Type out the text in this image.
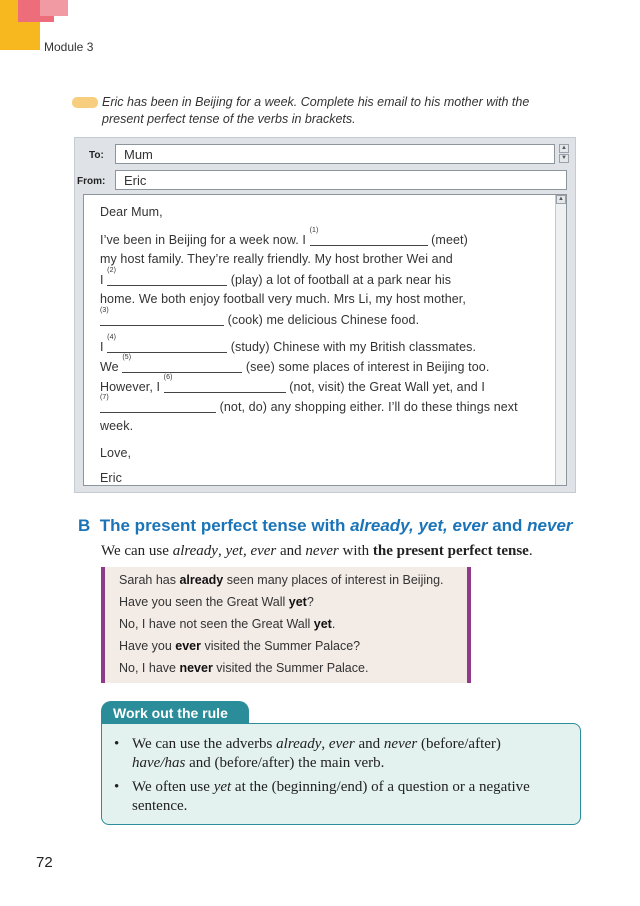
Module 3
Eric has been in Beijing for a week. Complete his email to his mother with the
present perfect tense of the verbs in brackets.
To:	Mum	▲
▼
From:	Eric
▲
Dear Mum,
I’ve been in Beijing for a week now. I
(1)
(meet)
my host family. They’re really friendly. My host brother Wei and
I
(2)
(play) a lot of football at a park near his
home. We both enjoy football very much. Mrs Li, my host mother,
(3)
(cook) me delicious Chinese food.
I
(4)
(study) Chinese with my British classmates.
We
(5)
(see) some places of interest in Beijing too.
However, I
(6)
(not, visit) the Great Wall yet, and I
(7)
(not, do) any shopping either. I’ll do these things next
week.
Love,
Eric
B The present perfect tense with already, yet, ever and never
We can use already, yet, ever and never with the present perfect tense.
Sarah has already seen many places of interest in Beijing.
Have you seen the Great Wall yet?
No, I have not seen the Great Wall yet.
Have you ever visited the Summer Palace?
No, I have never visited the Summer Palace.
Work out the rule
• We can use the adverbs already, ever and never (before/after)
have/has and (before/after) the main verb.
• We often use yet at the (beginning/end) of a question or a negative
sentence.
72
